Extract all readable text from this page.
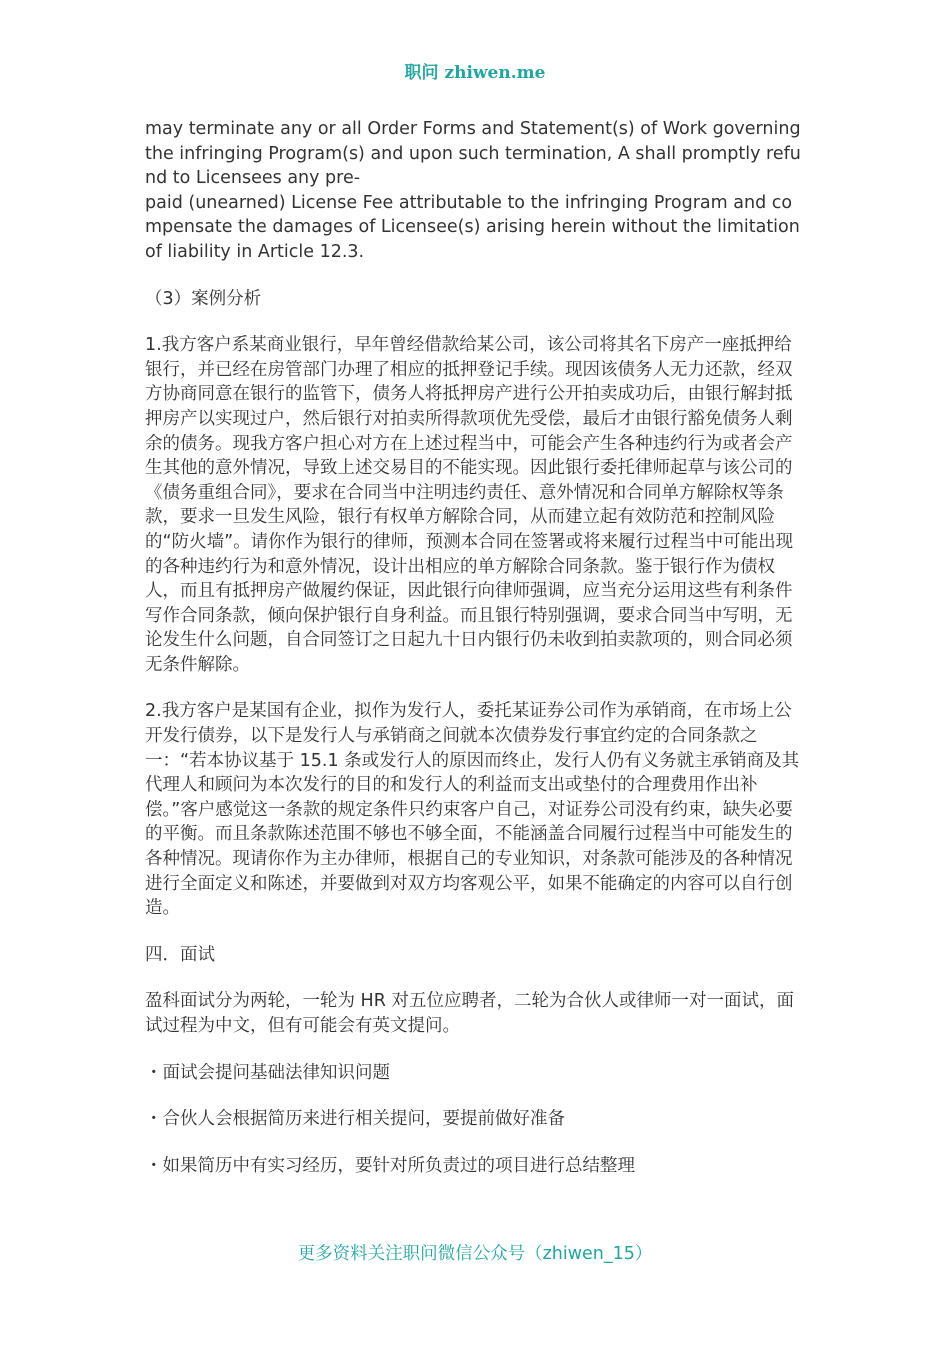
职问 zhiwen.me

may terminate any or all Order Forms and Statement(s) of Work governing the infringing Program(s) and upon such termination, A shall promptly refund to Licensees any pre-

paid (unearned) License Fee attributable to the infringing Program and compensate the damages of Licensee(s) arising herein without the limitation of liability in Article 12.3.

（3）案例分析

1.我方客户系某商业银行，早年曾经借款给某公司，该公司将其名下房产一座抵押给银行，并已经在房管部门办理了相应的抵押登记手续。现因该债务人无力还款，经双方协商同意在银行的监管下，债务人将抵押房产进行公开拍卖成功后，由银行解封抵押房产以实现过户，然后银行对拍卖所得款项优先受偿，最后才由银行豁免债务人剩余的债务。现我方客户担心对方在上述过程当中，可能会产生各种违约行为或者会产生其他的意外情况，导致上述交易目的不能实现。因此银行委托律师起草与该公司的《债务重组合同》，要求在合同当中注明违约责任、意外情况和合同单方解除权等条款，要求一旦发生风险，银行有权单方解除合同，从而建立起有效防范和控制风险的“防火墙”。请你作为银行的律师，预测本合同在签署或将来履行过程当中可能出现的各种违约行为和意外情况，设计出相应的单方解除合同条款。鉴于银行作为债权人，而且有抵押房产做履约保证，因此银行向律师强调，应当充分运用这些有利条件写作合同条款，倾向保护银行自身利益。而且银行特别强调，要求合同当中写明，无论发生什么问题，自合同签订之日起九十日内银行仍未收到拍卖款项的，则合同必须无条件解除。

2.我方客户是某国有企业，拟作为发行人，委托某证券公司作为承销商，在市场上公开发行债券，以下是发行人与承销商之间就本次债券发行事宜约定的合同条款之一：“若本协议基于 15.1 条或发行人的原因而终止，发行人仍有义务就主承销商及其代理人和顾问为本次发行的目的和发行人的利益而支出或垫付的合理费用作出补偿。”客户感觉这一条款的规定条件只约束客户自己，对证券公司没有约束，缺失必要的平衡。而且条款陈述范围不够也不够全面，不能涵盖合同履行过程当中可能发生的各种情况。现请你作为主办律师，根据自己的专业知识，对条款可能涉及的各种情况进行全面定义和陈述，并要做到对双方均客观公平，如果不能确定的内容可以自行创造。

四．面试

盈科面试分为两轮，一轮为 HR 对五位应聘者，二轮为合伙人或律师一对一面试，面试过程为中文，但有可能会有英文提问。

・面试会提问基础法律知识问题

・合伙人会根据简历来进行相关提问，要提前做好准备

・如果简历中有实习经历，要针对所负责过的项目进行总结整理

更多资料关注职问微信公众号（zhiwen_15）
